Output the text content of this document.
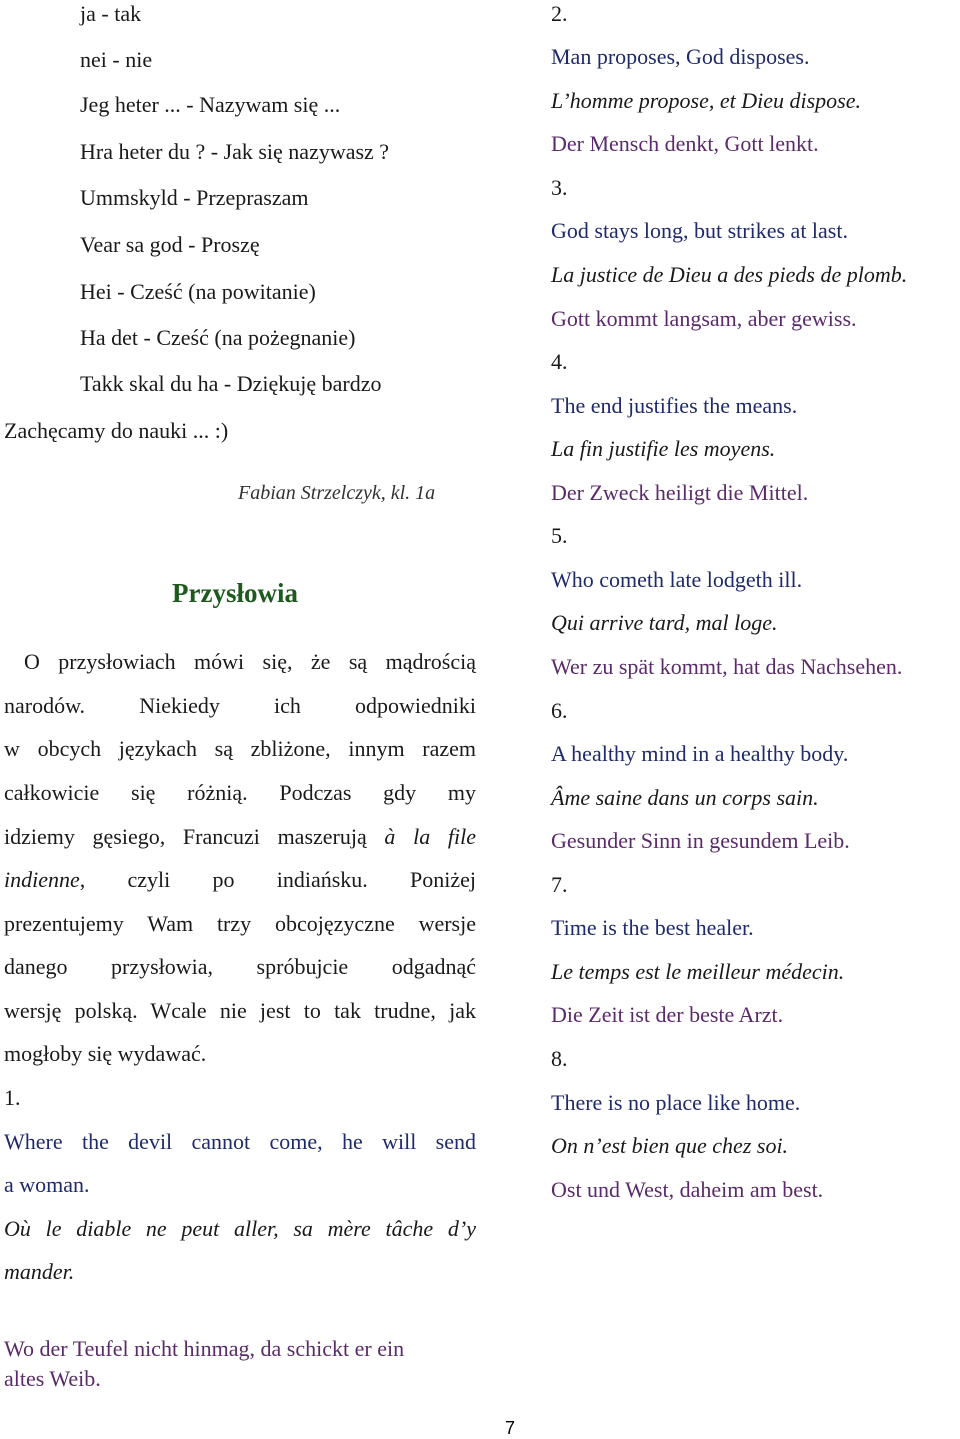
ja - tak
nei - nie
Jeg heter ... - Nazywam się ...
Hra heter du ? - Jak się nazywasz ?
Ummskyld - Przepraszam
Vear sa god - Proszę
Hei - Cześć (na powitanie)
Ha det - Cześć (na pożegnanie)
Takk skal du ha - Dziękuję bardzo
Zachęcamy do nauki ... :)
Fabian Strzelczyk, kl. 1a
Przysłowia
O przysłowiach mówi się, że są mądrością
narodów. Niekiedy ich odpowiedniki
w obcych językach są zbliżone, innym razem
całkowicie się różnią. Podczas gdy my
idziemy gęsiego, Francuzi maszerują à la file
indienne, czyli po indiańsku. Poniżej
prezentujemy Wam trzy obcojęzyczne wersje
danego przysłowia, spróbujcie odgadnąć
wersję polską. Wcale nie jest to tak trudne, jak
mogłoby się wydawać.
1.
Where the devil cannot come, he will send
a woman.
Où le diable ne peut aller, sa mère tâche d’y
mander.
Wo der Teufel nicht hinmag, da schickt er ein
altes Weib.
2.
Man proposes, God disposes.
L’homme propose, et Dieu dispose.
Der Mensch denkt, Gott lenkt.
3.
God stays long, but strikes at last.
La justice de Dieu a des pieds de plomb.
Gott kommt langsam, aber gewiss.
4.
The end justifies the means.
La fin justifie les moyens.
Der Zweck heiligt die Mittel.
5.
Who cometh late lodgeth ill.
Qui arrive tard, mal loge.
Wer zu spät kommt, hat das Nachsehen.
6.
A healthy mind in a healthy body.
Âme saine dans un corps sain.
Gesunder Sinn in gesundem Leib.
7.
Time is the best healer.
Le temps est le meilleur médecin.
Die Zeit ist der beste Arzt.
8.
There is no place like home.
On n’est bien que chez soi.
Ost und West, daheim am best.
7
